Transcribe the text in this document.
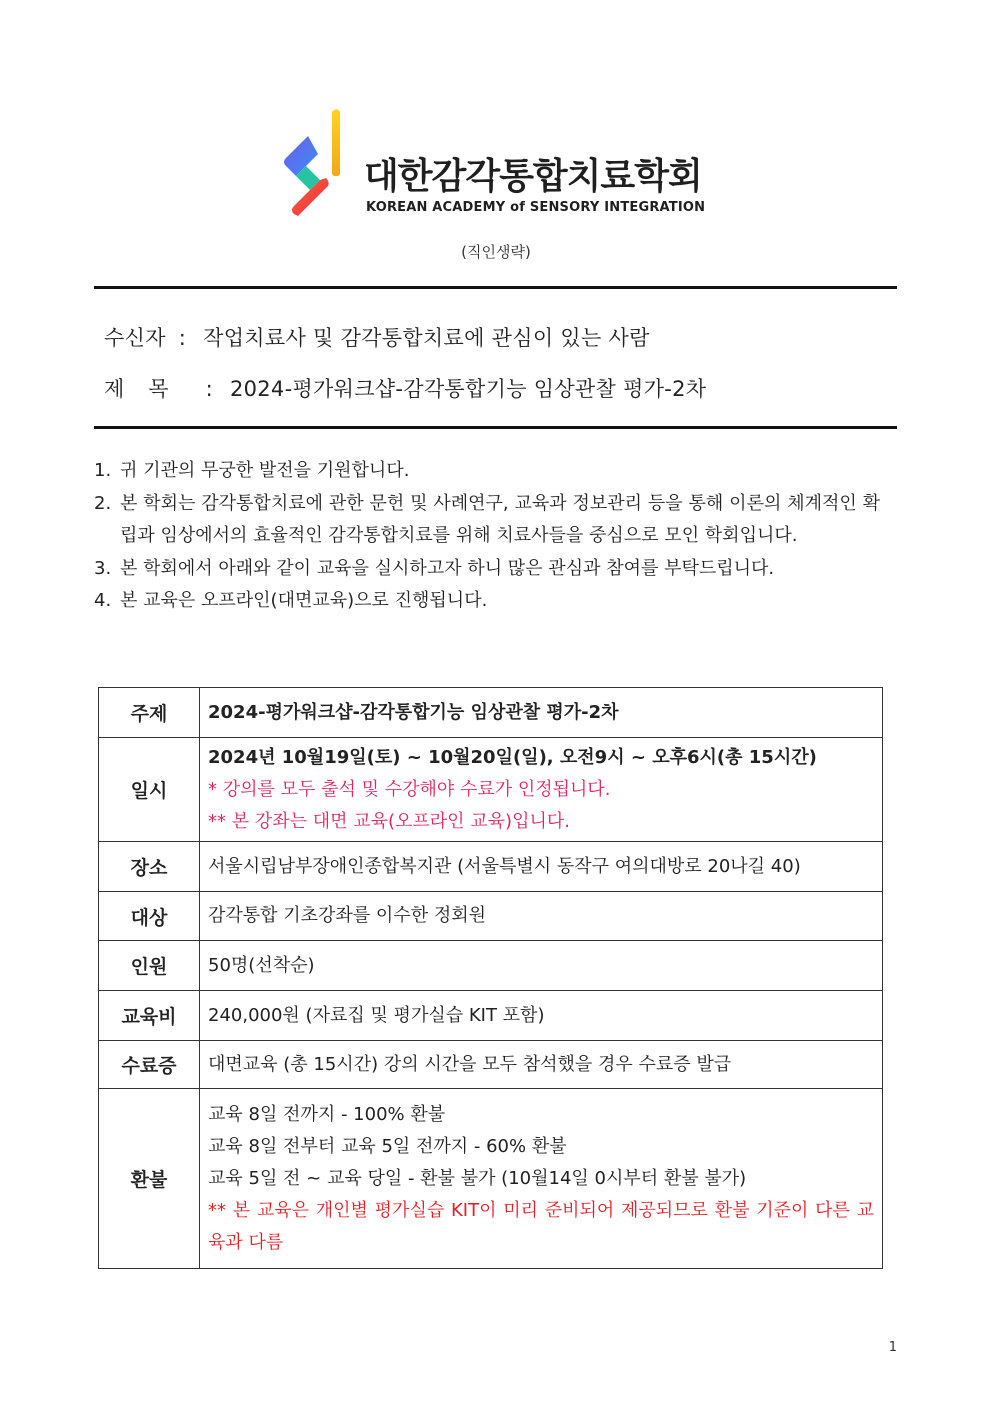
대한감각통합치료학회
KOREAN ACADEMY of SENSORY INTEGRATION
(직인생략)
수신자 : 작업치료사 및 감각통합치료에 관심이 있는 사람
제목 : 2024-평가워크샵-감각통합기능 임상관찰 평가-2차
1. 귀 기관의 무궁한 발전을 기원합니다.
2. 본 학회는 감각통합치료에 관한 문헌 및 사례연구, 교육과 정보관리 등을 통해 이론의 체계적인 확립과 임상에서의 효율적인 감각통합치료를 위해 치료사들을 중심으로 모인 학회입니다.
3. 본 학회에서 아래와 같이 교육을 실시하고자 하니 많은 관심과 참여를 부탁드립니다.
4. 본 교육은 오프라인(대면교육)으로 진행됩니다.
주제	2024-평가워크샵-감각통합기능 임상관찰 평가-2차

일시	2024년 10월19일(토) ~ 10월20일(일), 오전9시 ~ 오후6시(총 15시간)
* 강의를 모두 출석 및 수강해야 수료가 인정됩니다.
** 본 강좌는 대면 교육(오프라인 교육)입니다.

장소	서울시립남부장애인종합복지관 (서울특별시 동작구 여의대방로 20나길 40)

대상	감각통합 기초강좌를 이수한 정회원

인원	50명(선착순)

교육비	240,000원 (자료집 및 평가실습 KIT 포함)

수료증	대면교육 (총 15시간) 강의 시간을 모두 참석했을 경우 수료증 발급

환불	교육 8일 전까지 - 100% 환불
교육 8일 전부터 교육 5일 전까지 - 60% 환불
교육 5일 전 ~ 교육 당일 - 환불 불가 (10월14일 0시부터 환불 불가)
** 본 교육은 개인별 평가실습 KIT이 미리 준비되어 제공되므로 환불 기준이 다른 교육과 다름
1
